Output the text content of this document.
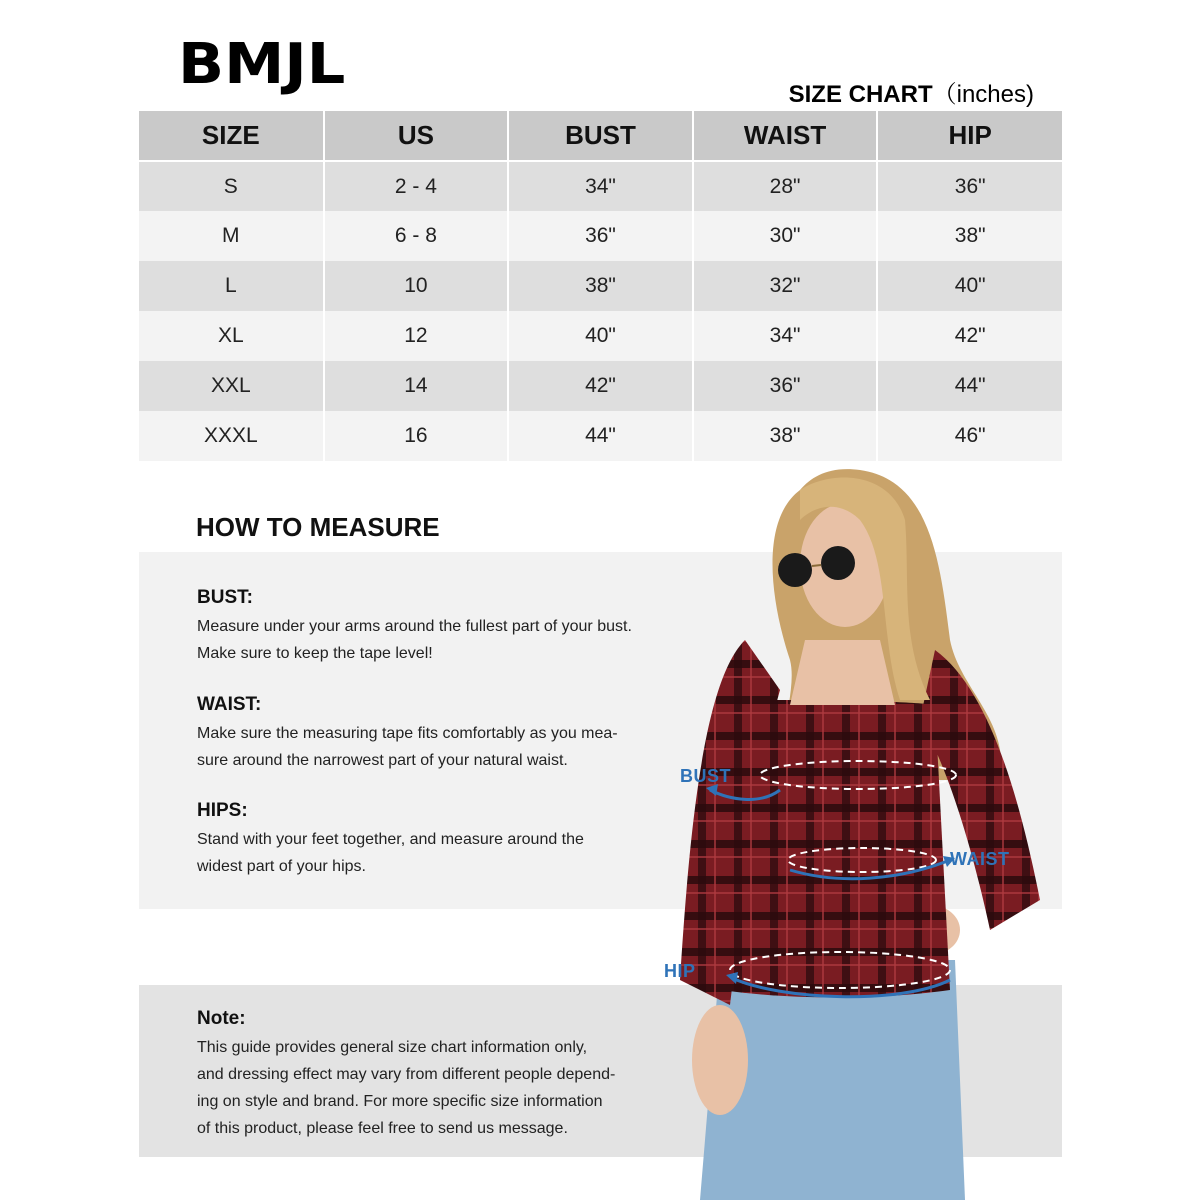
BMJL	SIZE CHART（inches)
SIZE	US	BUST	WAIST	HIP
S	2 - 4	34"	28"	36"
M	6 - 8	36"	30"	38"
L	10	38"	32"	40"
XL	12	40"	34"	42"
XXL	14	42"	36"	44"
XXXL	16	44"	38"	46"
HOW TO MEASURE
BUST:

Measure under your arms around the fullest part of your bust.

Make sure to keep the tape level!

WAIST:

Make sure the measuring tape fits comfortably as you mea-

sure around the narrowest part of your natural waist.

HIPS:

Stand with your feet together, and measure around the

widest part of your hips.

Note:

This guide provides general size chart information only,

and dressing effect may vary from different people depend-

ing on style and brand. For more specific size information

of this product, please feel free to send us message.

BUST
WAIST
HIP
